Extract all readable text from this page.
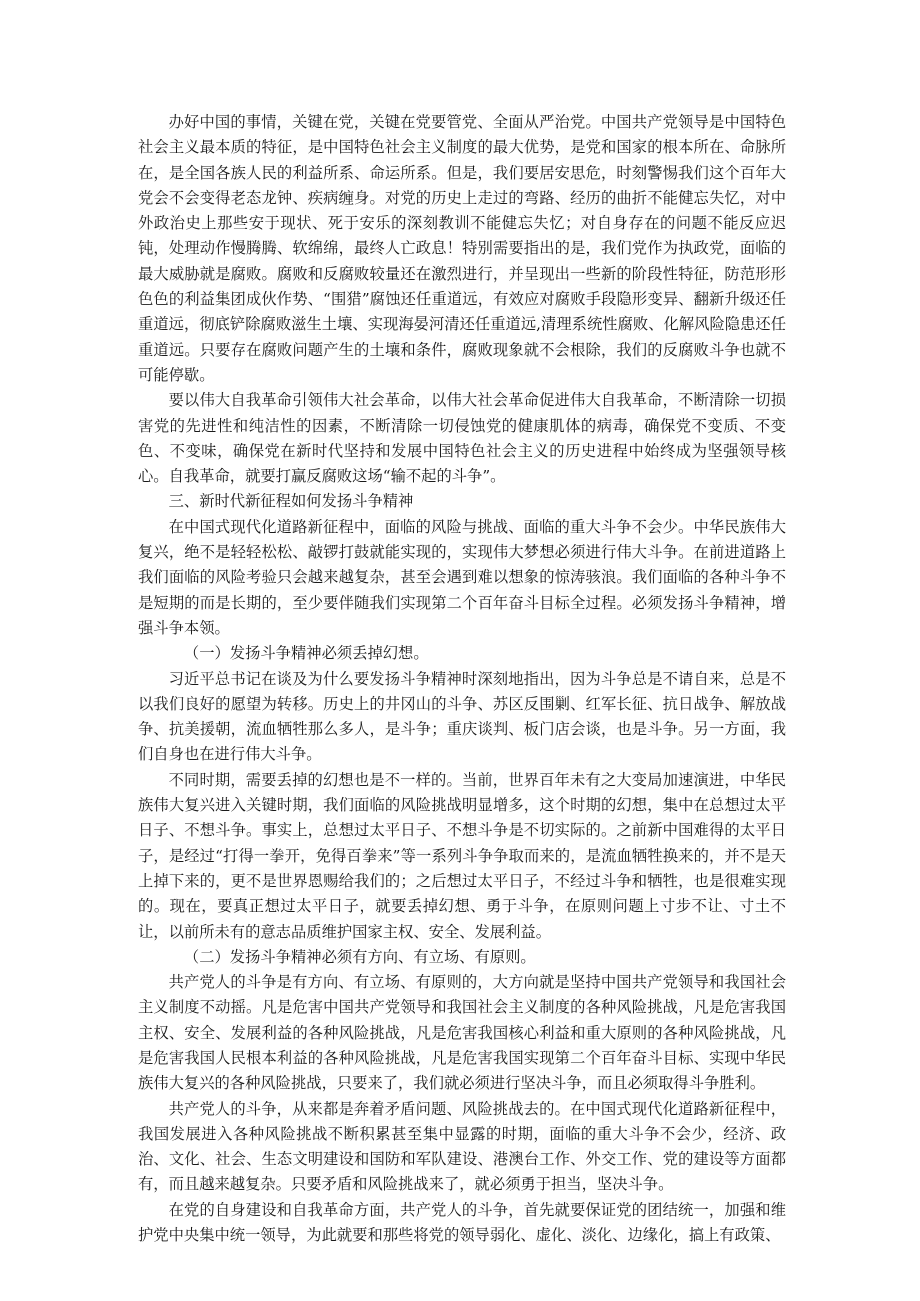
办好中国的事情，关键在党，关键在党要管党、全面从严治党。中国共产党领导是中国特色社会主义最本质的特征，是中国特色社会主义制度的最大优势，是党和国家的根本所在、命脉所在，是全国各族人民的利益所系、命运所系。但是，我们要居安思危，时刻警惕我们这个百年大党会不会变得老态龙钟、疾病缠身。对党的历史上走过的弯路、经历的曲折不能健忘失忆，对中外政治史上那些安于现状、死于安乐的深刻教训不能健忘失忆；对自身存在的问题不能反应迟钝，处理动作慢腾腾、软绵绵，最终人亡政息！特别需要指出的是，我们党作为执政党，面临的最大威胁就是腐败。腐败和反腐败较量还在激烈进行，并呈现出一些新的阶段性特征，防范形形色色的利益集团成伙作势、“围猎”腐蚀还任重道远，有效应对腐败手段隐形变异、翻新升级还任重道远，彻底铲除腐败滋生土壤、实现海晏河清还任重道远,清理系统性腐败、化解风险隐患还任重道远。只要存在腐败问题产生的土壤和条件，腐败现象就不会根除，我们的反腐败斗争也就不可能停歇。

要以伟大自我革命引领伟大社会革命，以伟大社会革命促进伟大自我革命，不断清除一切损害党的先进性和纯洁性的因素，不断清除一切侵蚀党的健康肌体的病毒，确保党不变质、不变色、不变味，确保党在新时代坚持和发展中国特色社会主义的历史进程中始终成为坚强领导核心。自我革命，就要打赢反腐败这场“输不起的斗争”。

三、新时代新征程如何发扬斗争精神

在中国式现代化道路新征程中，面临的风险与挑战、面临的重大斗争不会少。中华民族伟大复兴，绝不是轻轻松松、敲锣打鼓就能实现的，实现伟大梦想必须进行伟大斗争。在前进道路上我们面临的风险考验只会越来越复杂，甚至会遇到难以想象的惊涛骇浪。我们面临的各种斗争不是短期的而是长期的，至少要伴随我们实现第二个百年奋斗目标全过程。必须发扬斗争精神，增强斗争本领。

（一）发扬斗争精神必须丢掉幻想。

习近平总书记在谈及为什么要发扬斗争精神时深刻地指出，因为斗争总是不请自来，总是不以我们良好的愿望为转移。历史上的井冈山的斗争、苏区反围剿、红军长征、抗日战争、解放战争、抗美援朝，流血牺牲那么多人，是斗争；重庆谈判、板门店会谈，也是斗争。另一方面，我们自身也在进行伟大斗争。

不同时期，需要丢掉的幻想也是不一样的。当前，世界百年未有之大变局加速演进，中华民族伟大复兴进入关键时期，我们面临的风险挑战明显增多，这个时期的幻想，集中在总想过太平日子、不想斗争。事实上，总想过太平日子、不想斗争是不切实际的。之前新中国难得的太平日子，是经过“打得一拳开，免得百拳来”等一系列斗争争取而来的，是流血牺牲换来的，并不是天上掉下来的，更不是世界恩赐给我们的；之后想过太平日子，不经过斗争和牺牲，也是很难实现的。现在，要真正想过太平日子，就要丢掉幻想、勇于斗争，在原则问题上寸步不让、寸土不让，以前所未有的意志品质维护国家主权、安全、发展利益。

（二）发扬斗争精神必须有方向、有立场、有原则。

共产党人的斗争是有方向、有立场、有原则的，大方向就是坚持中国共产党领导和我国社会主义制度不动摇。凡是危害中国共产党领导和我国社会主义制度的各种风险挑战，凡是危害我国主权、安全、发展利益的各种风险挑战，凡是危害我国核心利益和重大原则的各种风险挑战，凡是危害我国人民根本利益的各种风险挑战，凡是危害我国实现第二个百年奋斗目标、实现中华民族伟大复兴的各种风险挑战，只要来了，我们就必须进行坚决斗争，而且必须取得斗争胜利。

共产党人的斗争，从来都是奔着矛盾问题、风险挑战去的。在中国式现代化道路新征程中，我国发展进入各种风险挑战不断积累甚至集中显露的时期，面临的重大斗争不会少，经济、政治、文化、社会、生态文明建设和国防和军队建设、港澳台工作、外交工作、党的建设等方面都有，而且越来越复杂。只要矛盾和风险挑战来了，就必须勇于担当，坚决斗争。

在党的自身建设和自我革命方面，共产党人的斗争，首先就要保证党的团结统一，加强和维护党中央集中统一领导，为此就要和那些将党的领导弱化、虚化、淡化、边缘化，搞上有政策、
